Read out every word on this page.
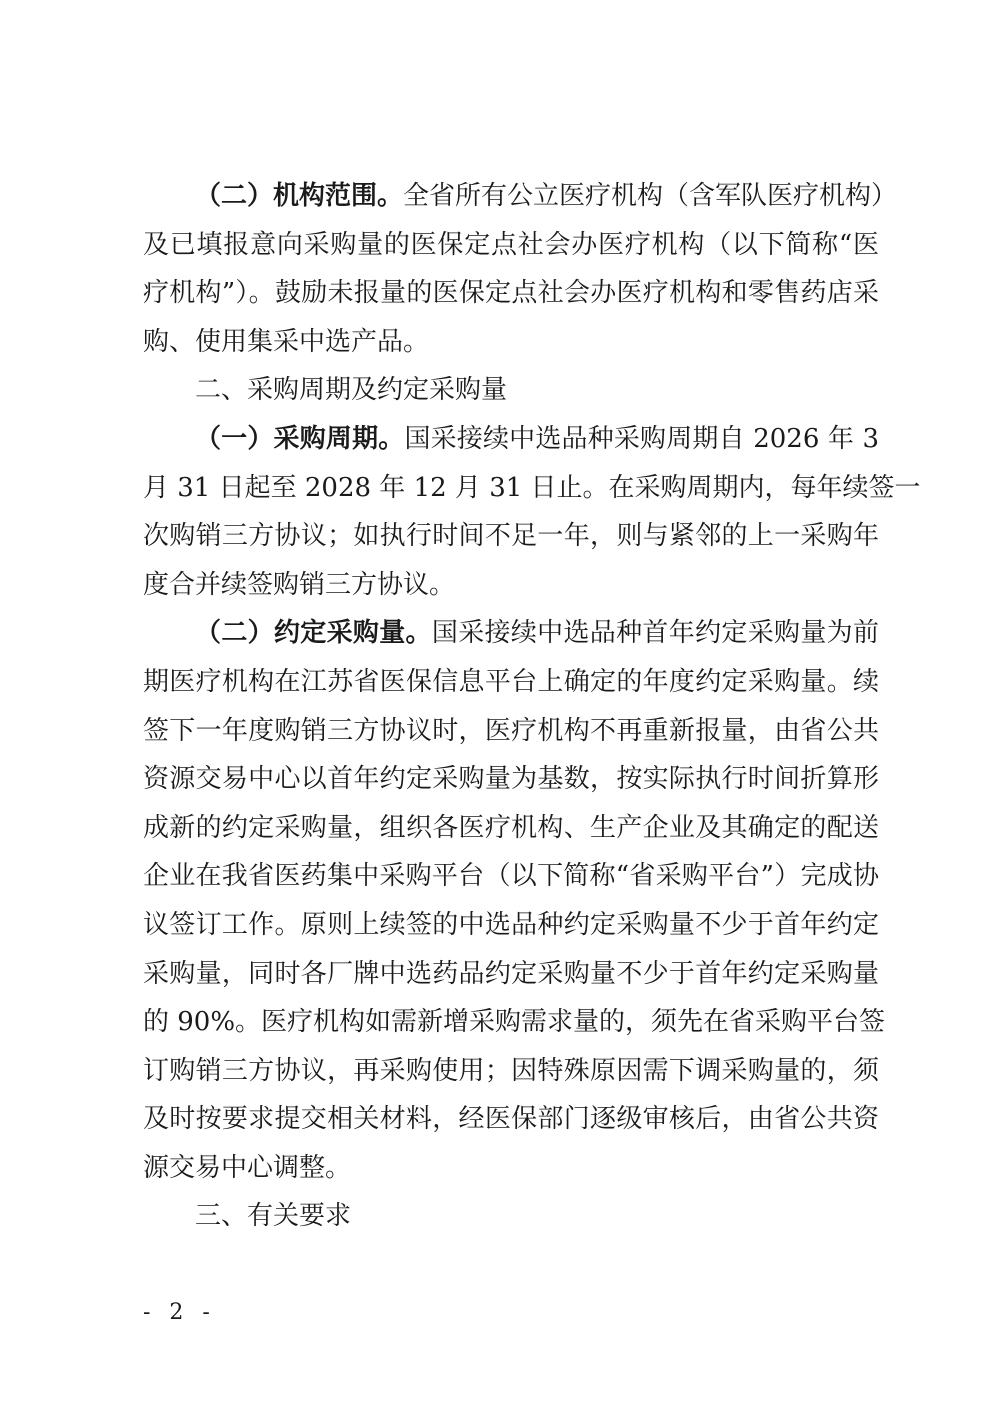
（二）机构范围。全省所有公立医疗机构（含军队医疗机构）
及已填报意向采购量的医保定点社会办医疗机构（以下简称“医
疗机构”）。鼓励未报量的医保定点社会办医疗机构和零售药店采
购、使用集采中选产品。
二、采购周期及约定采购量
（一）采购周期。国采接续中选品种采购周期自 2026 年 3
月 31 日起至 2028 年 12 月 31 日止。在采购周期内，每年续签一
次购销三方协议；如执行时间不足一年，则与紧邻的上一采购年
度合并续签购销三方协议。
（二）约定采购量。国采接续中选品种首年约定采购量为前
期医疗机构在江苏省医保信息平台上确定的年度约定采购量。续
签下一年度购销三方协议时，医疗机构不再重新报量，由省公共
资源交易中心以首年约定采购量为基数，按实际执行时间折算形
成新的约定采购量，组织各医疗机构、生产企业及其确定的配送
企业在我省医药集中采购平台（以下简称“省采购平台”）完成协
议签订工作。原则上续签的中选品种约定采购量不少于首年约定
采购量，同时各厂牌中选药品约定采购量不少于首年约定采购量
的 90%。医疗机构如需新增采购需求量的，须先在省采购平台签
订购销三方协议，再采购使用；因特殊原因需下调采购量的，须
及时按要求提交相关材料，经医保部门逐级审核后，由省公共资
源交易中心调整。
三、有关要求
- 2 -
